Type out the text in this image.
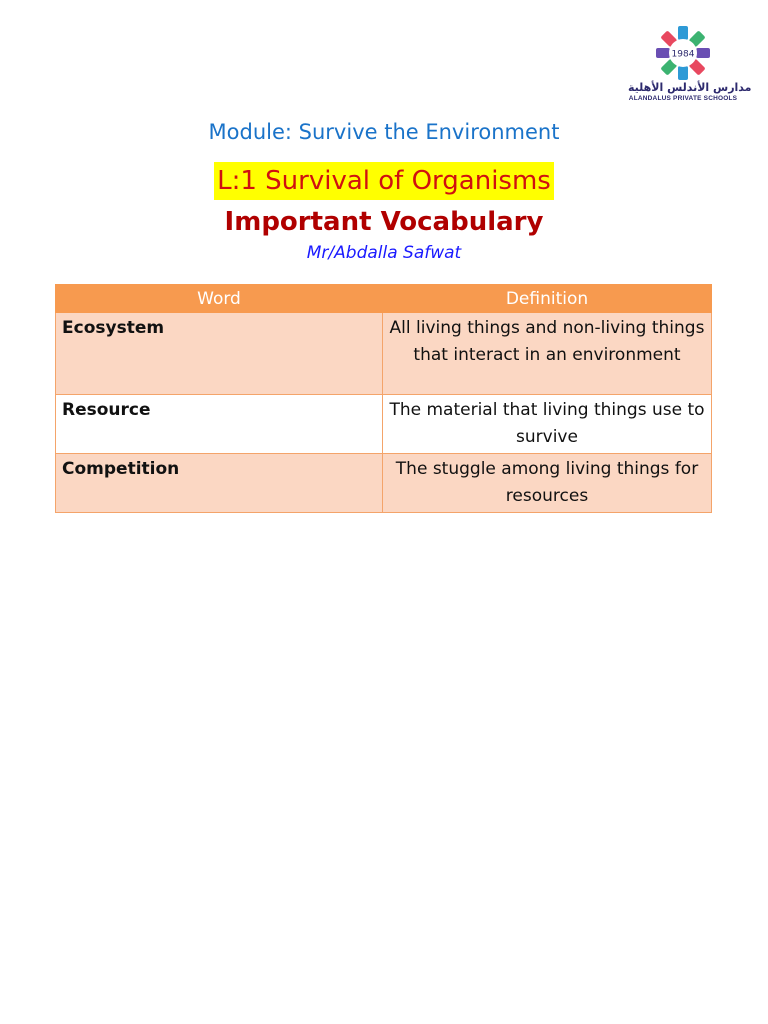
1984
مدارس الأندلس الأهلية
ALANDALUS PRIVATE SCHOOLS
Module: Survive the Environment
L:1 Survival of Organisms
Important Vocabulary
Mr/Abdalla Safwat
Word	Definition
Ecosystem	All living things and non-living things that interact in an environment
Resource	The material that living things use to survive
Competition	The stuggle among living things for resources
